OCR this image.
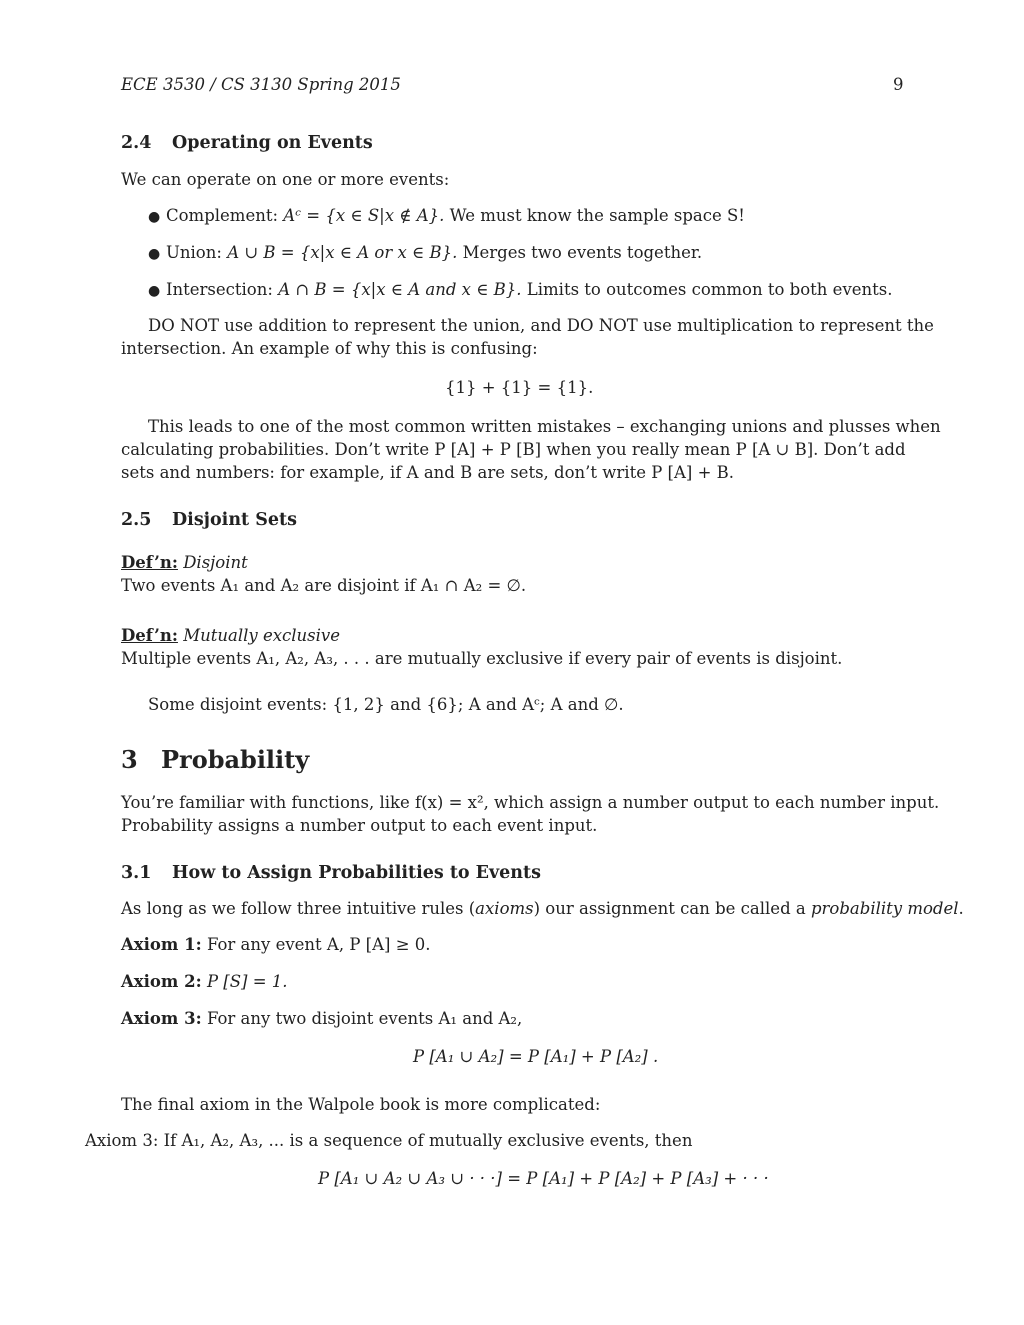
ECE 3530 / CS 3130 Spring 2015	9
2.4 Operating on Events
We can operate on one or more events:
● Complement: Aᶜ = {x ∈ S|x ∉ A}. We must know the sample space S!
● Union: A ∪ B = {x|x ∈ A or x ∈ B}. Merges two events together.
● Intersection: A ∩ B = {x|x ∈ A and x ∈ B}. Limits to outcomes common to both events.
DO NOT use addition to represent the union, and DO NOT use multiplication to represent the
intersection. An example of why this is confusing:
{1} + {1} = {1}.
This leads to one of the most common written mistakes – exchanging unions and plusses when
calculating probabilities. Don’t write P [A] + P [B] when you really mean P [A ∪ B]. Don’t add
sets and numbers: for example, if A and B are sets, don’t write P [A] + B.
2.5 Disjoint Sets
Def’n: Disjoint
Two events A₁ and A₂ are disjoint if A₁ ∩ A₂ = ∅.
Def’n: Mutually exclusive
Multiple events A₁, A₂, A₃, . . . are mutually exclusive if every pair of events is disjoint.
Some disjoint events: {1, 2} and {6}; A and Aᶜ; A and ∅.
3 Probability
You’re familiar with functions, like f(x) = x², which assign a number output to each number input.
Probability assigns a number output to each event input.
3.1 How to Assign Probabilities to Events
As long as we follow three intuitive rules (axioms) our assignment can be called a probability model.
Axiom 1: For any event A, P [A] ≥ 0.
Axiom 2: P [S] = 1.
Axiom 3: For any two disjoint events A₁ and A₂,
P [A₁ ∪ A₂] = P [A₁] + P [A₂] .
The final axiom in the Walpole book is more complicated:
Axiom 3: If A₁, A₂, A₃, ... is a sequence of mutually exclusive events, then
P [A₁ ∪ A₂ ∪ A₃ ∪ · · ·] = P [A₁] + P [A₂] + P [A₃] + · · ·
